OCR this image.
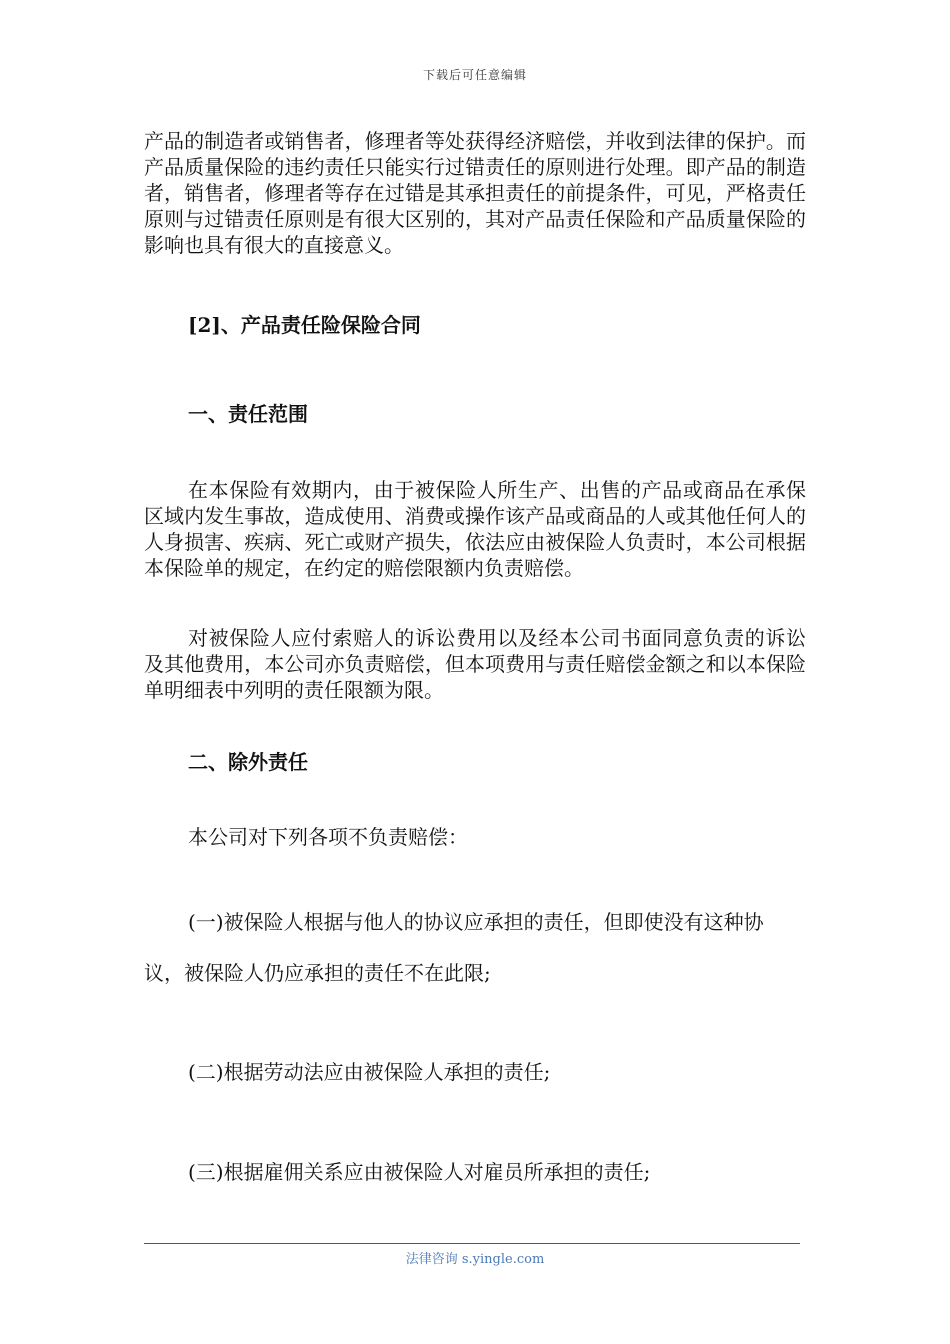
下载后可任意编辑
产品的制造者或销售者，修理者等处获得经济赔偿，并收到法律的保护。而产品质量保险的违约责任只能实行过错责任的原则进行处理。即产品的制造者，销售者，修理者等存在过错是其承担责任的前提条件，可见，严格责任原则与过错责任原则是有很大区别的，其对产品责任保险和产品质量保险的影响也具有很大的直接意义。
[2]、产品责任险保险合同
一、责任范围
在本保险有效期内，由于被保险人所生产、出售的产品或商品在承保区域内发生事故，造成使用、消费或操作该产品或商品的人或其他任何人的人身损害、疾病、死亡或财产损失，依法应由被保险人负责时，本公司根据本保险单的规定，在约定的赔偿限额内负责赔偿。
对被保险人应付索赔人的诉讼费用以及经本公司书面同意负责的诉讼及其他费用，本公司亦负责赔偿，但本项费用与责任赔偿金额之和以本保险单明细表中列明的责任限额为限。
二、除外责任
本公司对下列各项不负责赔偿：
(一)被保险人根据与他人的协议应承担的责任，但即使没有这种协
议，被保险人仍应承担的责任不在此限;
(二)根据劳动法应由被保险人承担的责任;
(三)根据雇佣关系应由被保险人对雇员所承担的责任;
法律咨询 s.yingle.com
